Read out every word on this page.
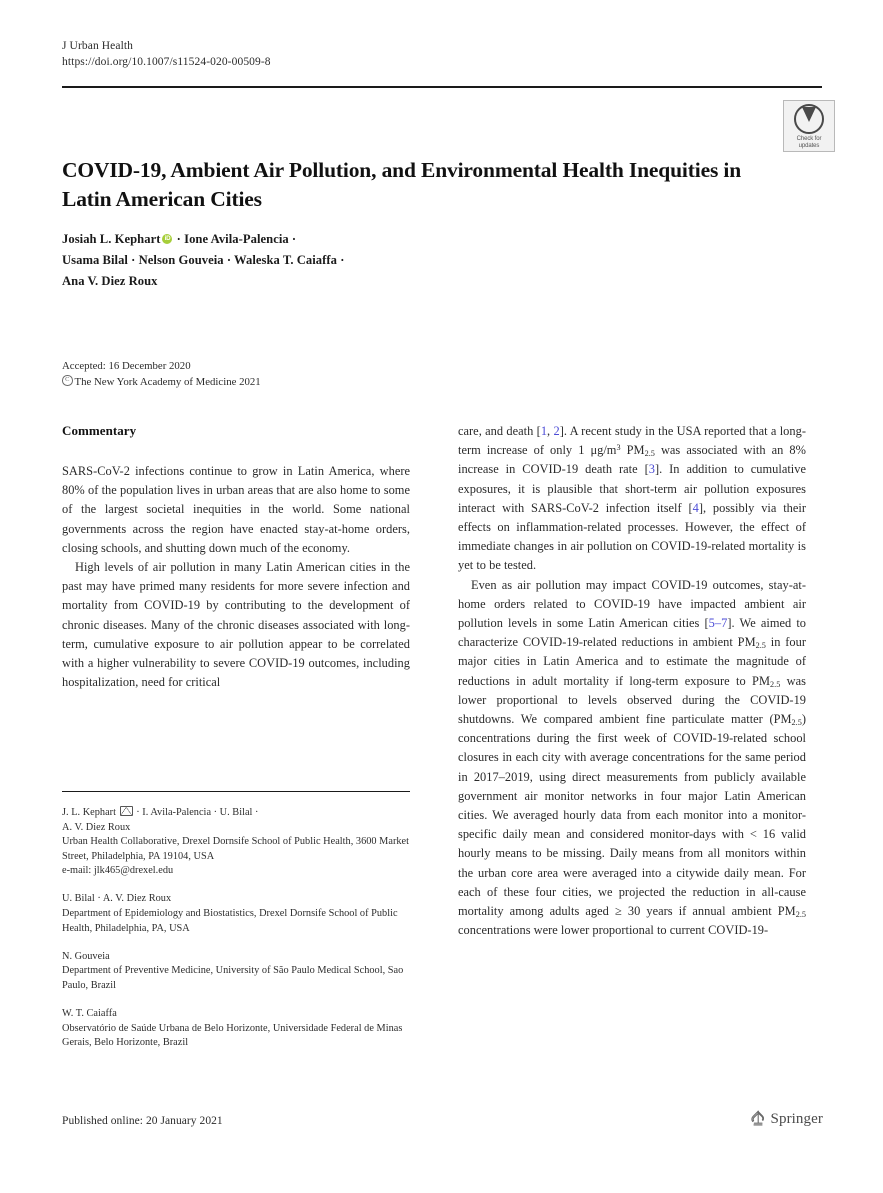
J Urban Health
https://doi.org/10.1007/s11524-020-00509-8
Check for
updates
COVID-19, Ambient Air Pollution, and Environmental Health Inequities in Latin American Cities
Josiah L. KephartiD · Ione Avila-Palencia ·
Usama Bilal · Nelson Gouveia · Waleska T. Caiaffa ·
Ana V. Diez Roux
Accepted: 16 December 2020
CThe New York Academy of Medicine 2021
Commentary

SARS-CoV-2 infections continue to grow in Latin America, where 80% of the population lives in urban areas that are also home to some of the largest societal inequities in the world. Some national governments across the region have enacted stay-at-home orders, closing schools, and shutting down much of the economy.

High levels of air pollution in many Latin American cities in the past may have primed many residents for more severe infection and mortality from COVID-19 by contributing to the development of chronic diseases. Many of the chronic diseases associated with long-term, cumulative exposure to air pollution appear to be correlated with a higher vulnerability to severe COVID-19 outcomes, including hospitalization, need for critical

care, and death [1, 2]. A recent study in the USA reported that a long-term increase of only 1 $\mu g/m^3$ $PM_{2.5}$ was associated with an 8% increase in COVID-19 death rate [3]. In addition to cumulative exposures, it is plausible that short-term air pollution exposures interact with SARS-CoV-2 infection itself [4], possibly via their effects on inflammation-related processes. However, the effect of immediate changes in air pollution on COVID-19-related mortality is yet to be tested.

Even as air pollution may impact COVID-19 outcomes, stay-at-home orders related to COVID-19 have impacted ambient air pollution levels in some Latin American cities [5–7]. We aimed to characterize COVID-19-related reductions in ambient $PM_{2.5}$ in four major cities in Latin America and to estimate the magnitude of reductions in adult mortality if long-term exposure to $PM_{2.5}$ was lower proportional to levels observed during the COVID-19 shutdowns. We compared ambient fine particulate matter $(PM_{2.5})$ concentrations during the first week of COVID-19-related school closures in each city with average concentrations for the same period in 2017–2019, using direct measurements from publicly available government air monitor networks in four major Latin American cities. We averaged hourly data from each monitor into a monitor-specific daily mean and considered monitor-days with < 16 valid hourly means to be missing. Daily means from all monitors within the urban core area were averaged into a citywide daily mean. For each of these four cities, we projected the reduction in all-cause mortality among adults aged ≥ 30 years if annual ambient $PM_{2.5}$ concentrations were lower proportional to current COVID-19-

J. L. Kephart  · I. Avila-Palencia · U. Bilal ·
A. V. Diez Roux
Urban Health Collaborative, Drexel Dornsife School of Public Health, 3600 Market Street, Philadelphia, PA 19104, USA
e-mail: jlk465@drexel.edu
U. Bilal · A. V. Diez Roux
Department of Epidemiology and Biostatistics, Drexel Dornsife School of Public Health, Philadelphia, PA, USA
N. Gouveia
Department of Preventive Medicine, University of São Paulo Medical School, Sao Paulo, Brazil
W. T. Caiaffa
Observatório de Saúde Urbana de Belo Horizonte, Universidade Federal de Minas Gerais, Belo Horizonte, Brazil
Published online: 20 January 2021	Springer
